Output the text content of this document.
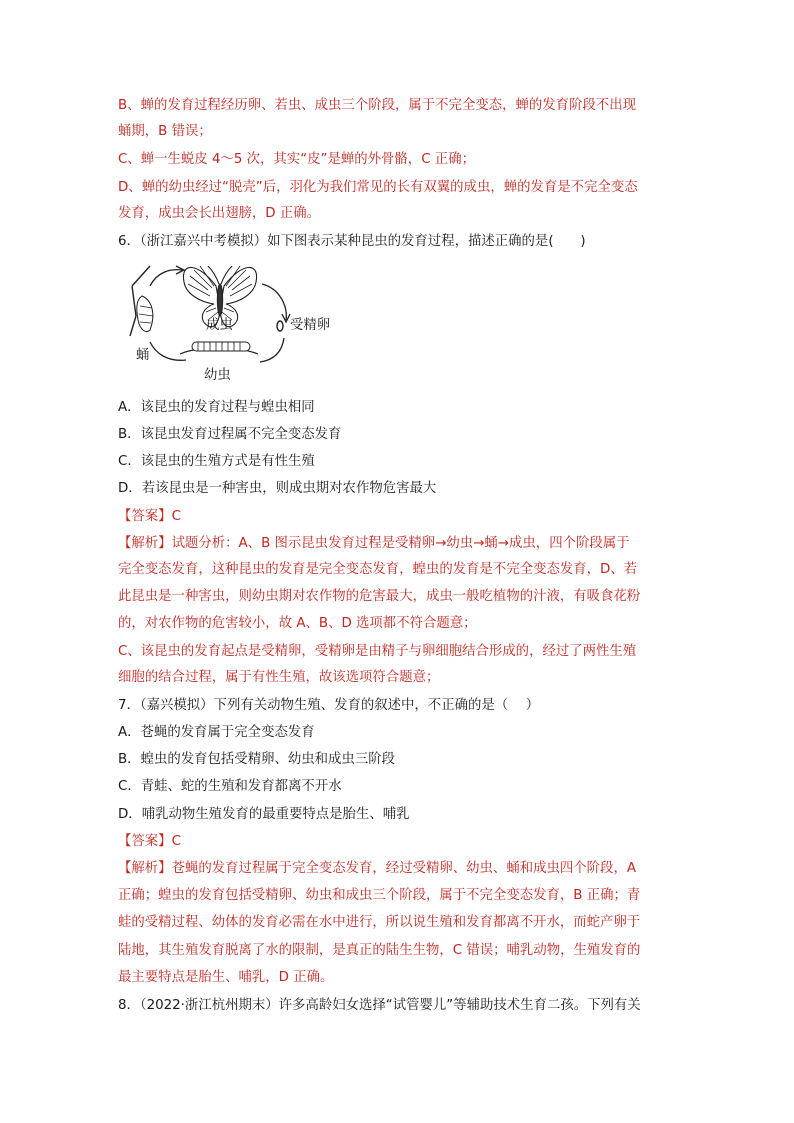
B、蝉的发育过程经历卵、若虫、成虫三个阶段，属于不完全变态，蝉的发育阶段不出现
蛹期，B 错误；
C、蝉一生蜕皮 4～5 次，其实“皮”是蝉的外骨骼，C 正确；
D、蝉的幼虫经过“脱壳”后，羽化为我们常见的长有双翼的成虫，蝉的发育是不完全变态
发育，成虫会长出翅膀，D 正确。
6．（浙江嘉兴中考模拟）如下图表示某种昆虫的发育过程，描述正确的是(　　)
成虫	受精卵
蛹
幼虫
A．该昆虫的发育过程与蝗虫相同
B．该昆虫发育过程属不完全变态发育
C．该昆虫的生殖方式是有性生殖
D．若该昆虫是一种害虫，则成虫期对农作物危害最大
【答案】C
【解析】试题分析：A、B 图示昆虫发育过程是受精卵→幼虫→蛹→成虫，四个阶段属于
完全变态发育，这种昆虫的发育是完全变态发育，蝗虫的发育是不完全变态发育，D、若
此昆虫是一种害虫，则幼虫期对农作物的危害最大，成虫一般吃植物的汁液，有吸食花粉
的，对农作物的危害较小，故 A、B、D 选项都不符合题意；
C、该昆虫的发育起点是受精卵，受精卵是由精子与卵细胞结合形成的，经过了两性生殖
细胞的结合过程，属于有性生殖，故该选项符合题意；
7．（嘉兴模拟）下列有关动物生殖、发育的叙述中，不正确的是（　 ）
A．苍蝇的发育属于完全变态发育
B．蝗虫的发育包括受精卵、幼虫和成虫三阶段
C．青蛙、蛇的生殖和发育都离不开水
D．哺乳动物生殖发育的最重要特点是胎生、哺乳
【答案】C
【解析】苍蝇的发育过程属于完全变态发育，经过受精卵、幼虫、蛹和成虫四个阶段，A
正确；蝗虫的发育包括受精卵、幼虫和成虫三个阶段，属于不完全变态发育，B 正确；青
蛙的受精过程、幼体的发育必需在水中进行，所以说生殖和发育都离不开水，而蛇产卵于
陆地，其生殖发育脱离了水的限制，是真正的陆生生物，C 错误；哺乳动物，生殖发育的
最主要特点是胎生、哺乳，D 正确。
8．（2022·浙江杭州期末）许多高龄妇女选择“试管婴儿”等辅助技术生育二孩。下列有关
